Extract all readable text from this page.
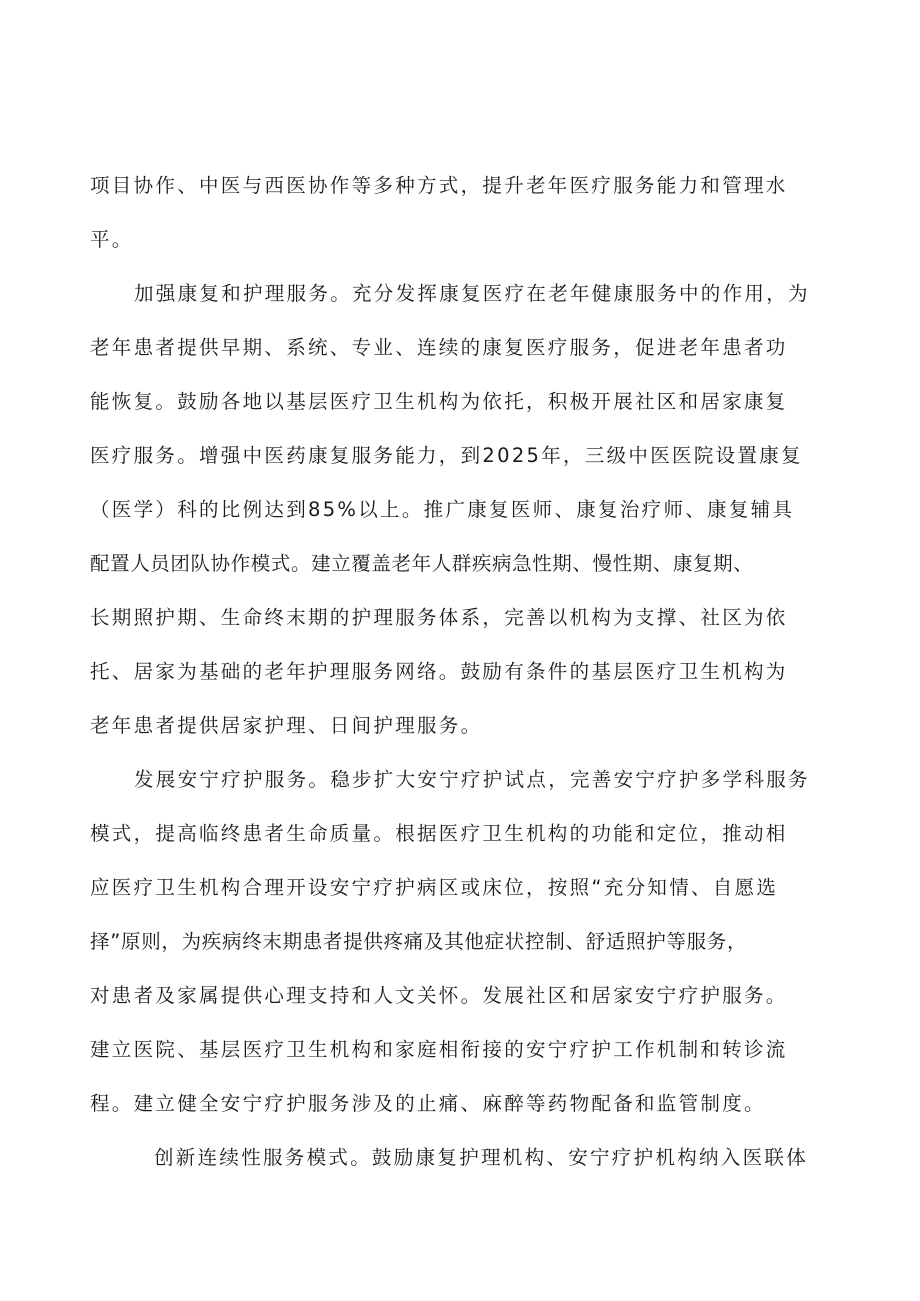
项目协作、中医与西医协作等多种方式，提升老年医疗服务能力和管理水
平。
加强康复和护理服务。充分发挥康复医疗在老年健康服务中的作用，为
老年患者提供早期、系统、专业、连续的康复医疗服务，促进老年患者功
能恢复。鼓励各地以基层医疗卫生机构为依托，积极开展社区和居家康复
医疗服务。增强中医药康复服务能力，到2025年，三级中医医院设置康复
（医学）科的比例达到85%以上。推广康复医师、康复治疗师、康复辅具
配置人员团队协作模式。建立覆盖老年人群疾病急性期、慢性期、康复期、
长期照护期、生命终末期的护理服务体系，完善以机构为支撑、社区为依
托、居家为基础的老年护理服务网络。鼓励有条件的基层医疗卫生机构为
老年患者提供居家护理、日间护理服务。
发展安宁疗护服务。稳步扩大安宁疗护试点，完善安宁疗护多学科服务
模式，提高临终患者生命质量。根据医疗卫生机构的功能和定位，推动相
应医疗卫生机构合理开设安宁疗护病区或床位，按照“充分知情、自愿选
择”原则，为疾病终末期患者提供疼痛及其他症状控制、舒适照护等服务，
对患者及家属提供心理支持和人文关怀。发展社区和居家安宁疗护服务。
建立医院、基层医疗卫生机构和家庭相衔接的安宁疗护工作机制和转诊流
程。建立健全安宁疗护服务涉及的止痛、麻醉等药物配备和监管制度。
创新连续性服务模式。鼓励康复护理机构、安宁疗护机构纳入医联体
